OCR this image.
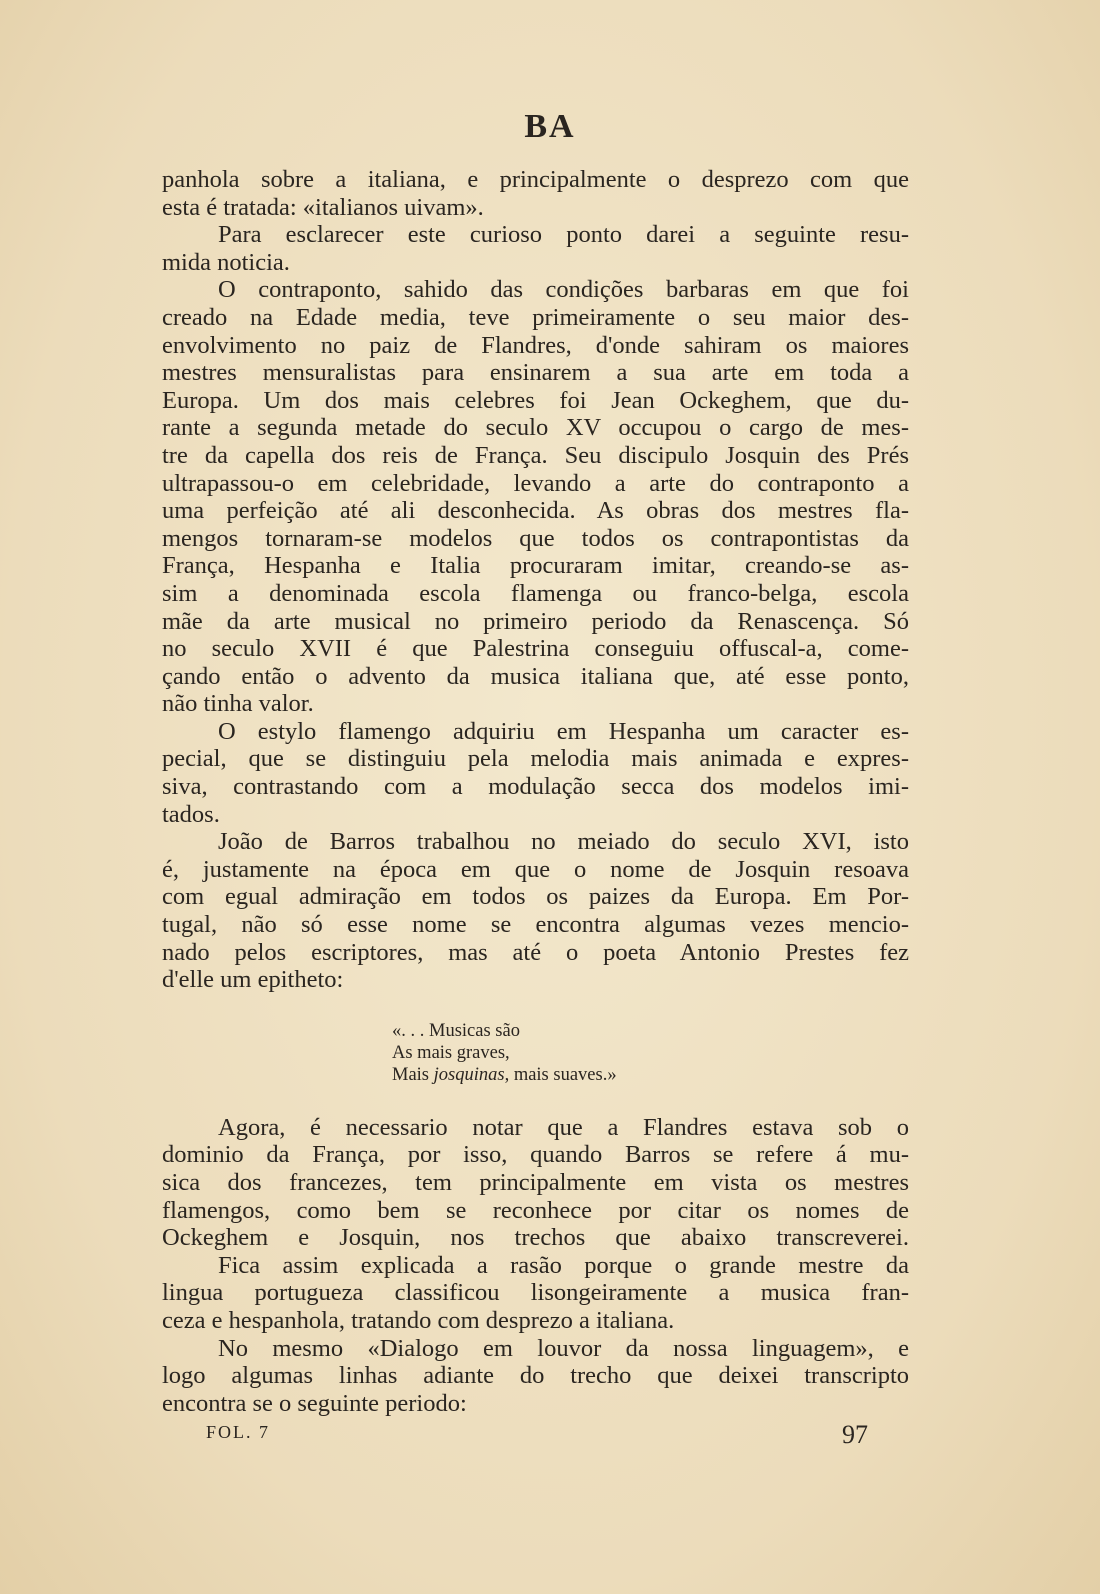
BA
panhola sobre a italiana, e principalmente o desprezo com que
esta é tratada: «italianos uivam».
Para esclarecer este curioso ponto darei a seguinte resu-
mida noticia.
O contraponto, sahido das condições barbaras em que foi
creado na Edade media, teve primeiramente o seu maior des-
envolvimento no paiz de Flandres, d'onde sahiram os maiores
mestres mensuralistas para ensinarem a sua arte em toda a
Europa. Um dos mais celebres foi Jean Ockeghem, que du-
rante a segunda metade do seculo XV occupou o cargo de mes-
tre da capella dos reis de França. Seu discipulo Josquin des Prés
ultrapassou-o em celebridade, levando a arte do contraponto a
uma perfeição até ali desconhecida. As obras dos mestres fla-
mengos tornaram-se modelos que todos os contrapontistas da
França, Hespanha e Italia procuraram imitar, creando-se as-
sim a denominada escola flamenga ou franco-belga, escola
mãe da arte musical no primeiro periodo da Renascença. Só
no seculo XVII é que Palestrina conseguiu offuscal-a, come-
çando então o advento da musica italiana que, até esse ponto,
não tinha valor.
O estylo flamengo adquiriu em Hespanha um caracter es-
pecial, que se distinguiu pela melodia mais animada e expres-
siva, contrastando com a modulação secca dos modelos imi-
tados.
João de Barros trabalhou no meiado do seculo XVI, isto
é, justamente na época em que o nome de Josquin resoava
com egual admiração em todos os paizes da Europa. Em Por-
tugal, não só esse nome se encontra algumas vezes mencio-
nado pelos escriptores, mas até o poeta Antonio Prestes fez
d'elle um epitheto:
«. . . Musicas são
As mais graves,
Mais josquinas, mais suaves.»
Agora, é necessario notar que a Flandres estava sob o
dominio da França, por isso, quando Barros se refere á mu-
sica dos francezes, tem principalmente em vista os mestres
flamengos, como bem se reconhece por citar os nomes de
Ockeghem e Josquin, nos trechos que abaixo transcreverei.
Fica assim explicada a rasão porque o grande mestre da
lingua portugueza classificou lisongeiramente a musica fran-
ceza e hespanhola, tratando com desprezo a italiana.
No mesmo «Dialogo em louvor da nossa linguagem», e
logo algumas linhas adiante do trecho que deixei transcripto
encontra se o seguinte periodo:
FOL. 7	97
